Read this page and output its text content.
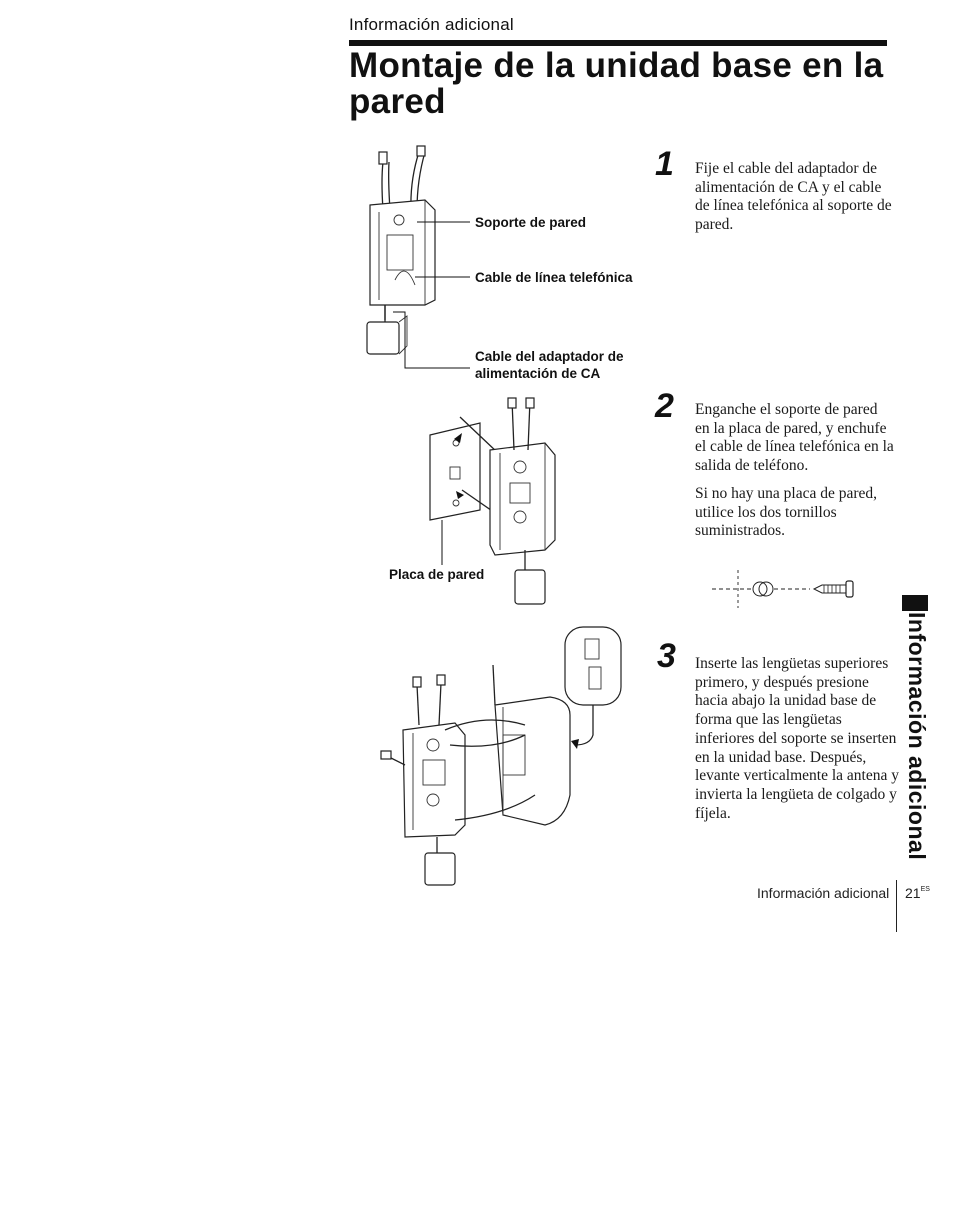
Información adicional
Montaje de la unidad base en la pared
Soporte de pared
Cable de línea telefónica
Cable del adaptador de alimentación de CA
Placa de pared
1 Fije el cable del adaptador de alimentación de CA y el cable de línea telefónica al soporte de pared.

2 Enganche el soporte de pared en la placa de pared, y enchufe el cable de línea telefónica en la salida de teléfono.

Si no hay una placa de pared, utilice los dos tornillos suministrados.

3 Inserte las lengüetas superiores primero, y después presione hacia abajo la unidad base de forma que las lengüetas inferiores del soporte se inserten en la unidad base. Después, levante verticalmente la antena y invierta la lengüeta de colgado y fíjela.	Información adicional
Información adicional $21^{ES}$
